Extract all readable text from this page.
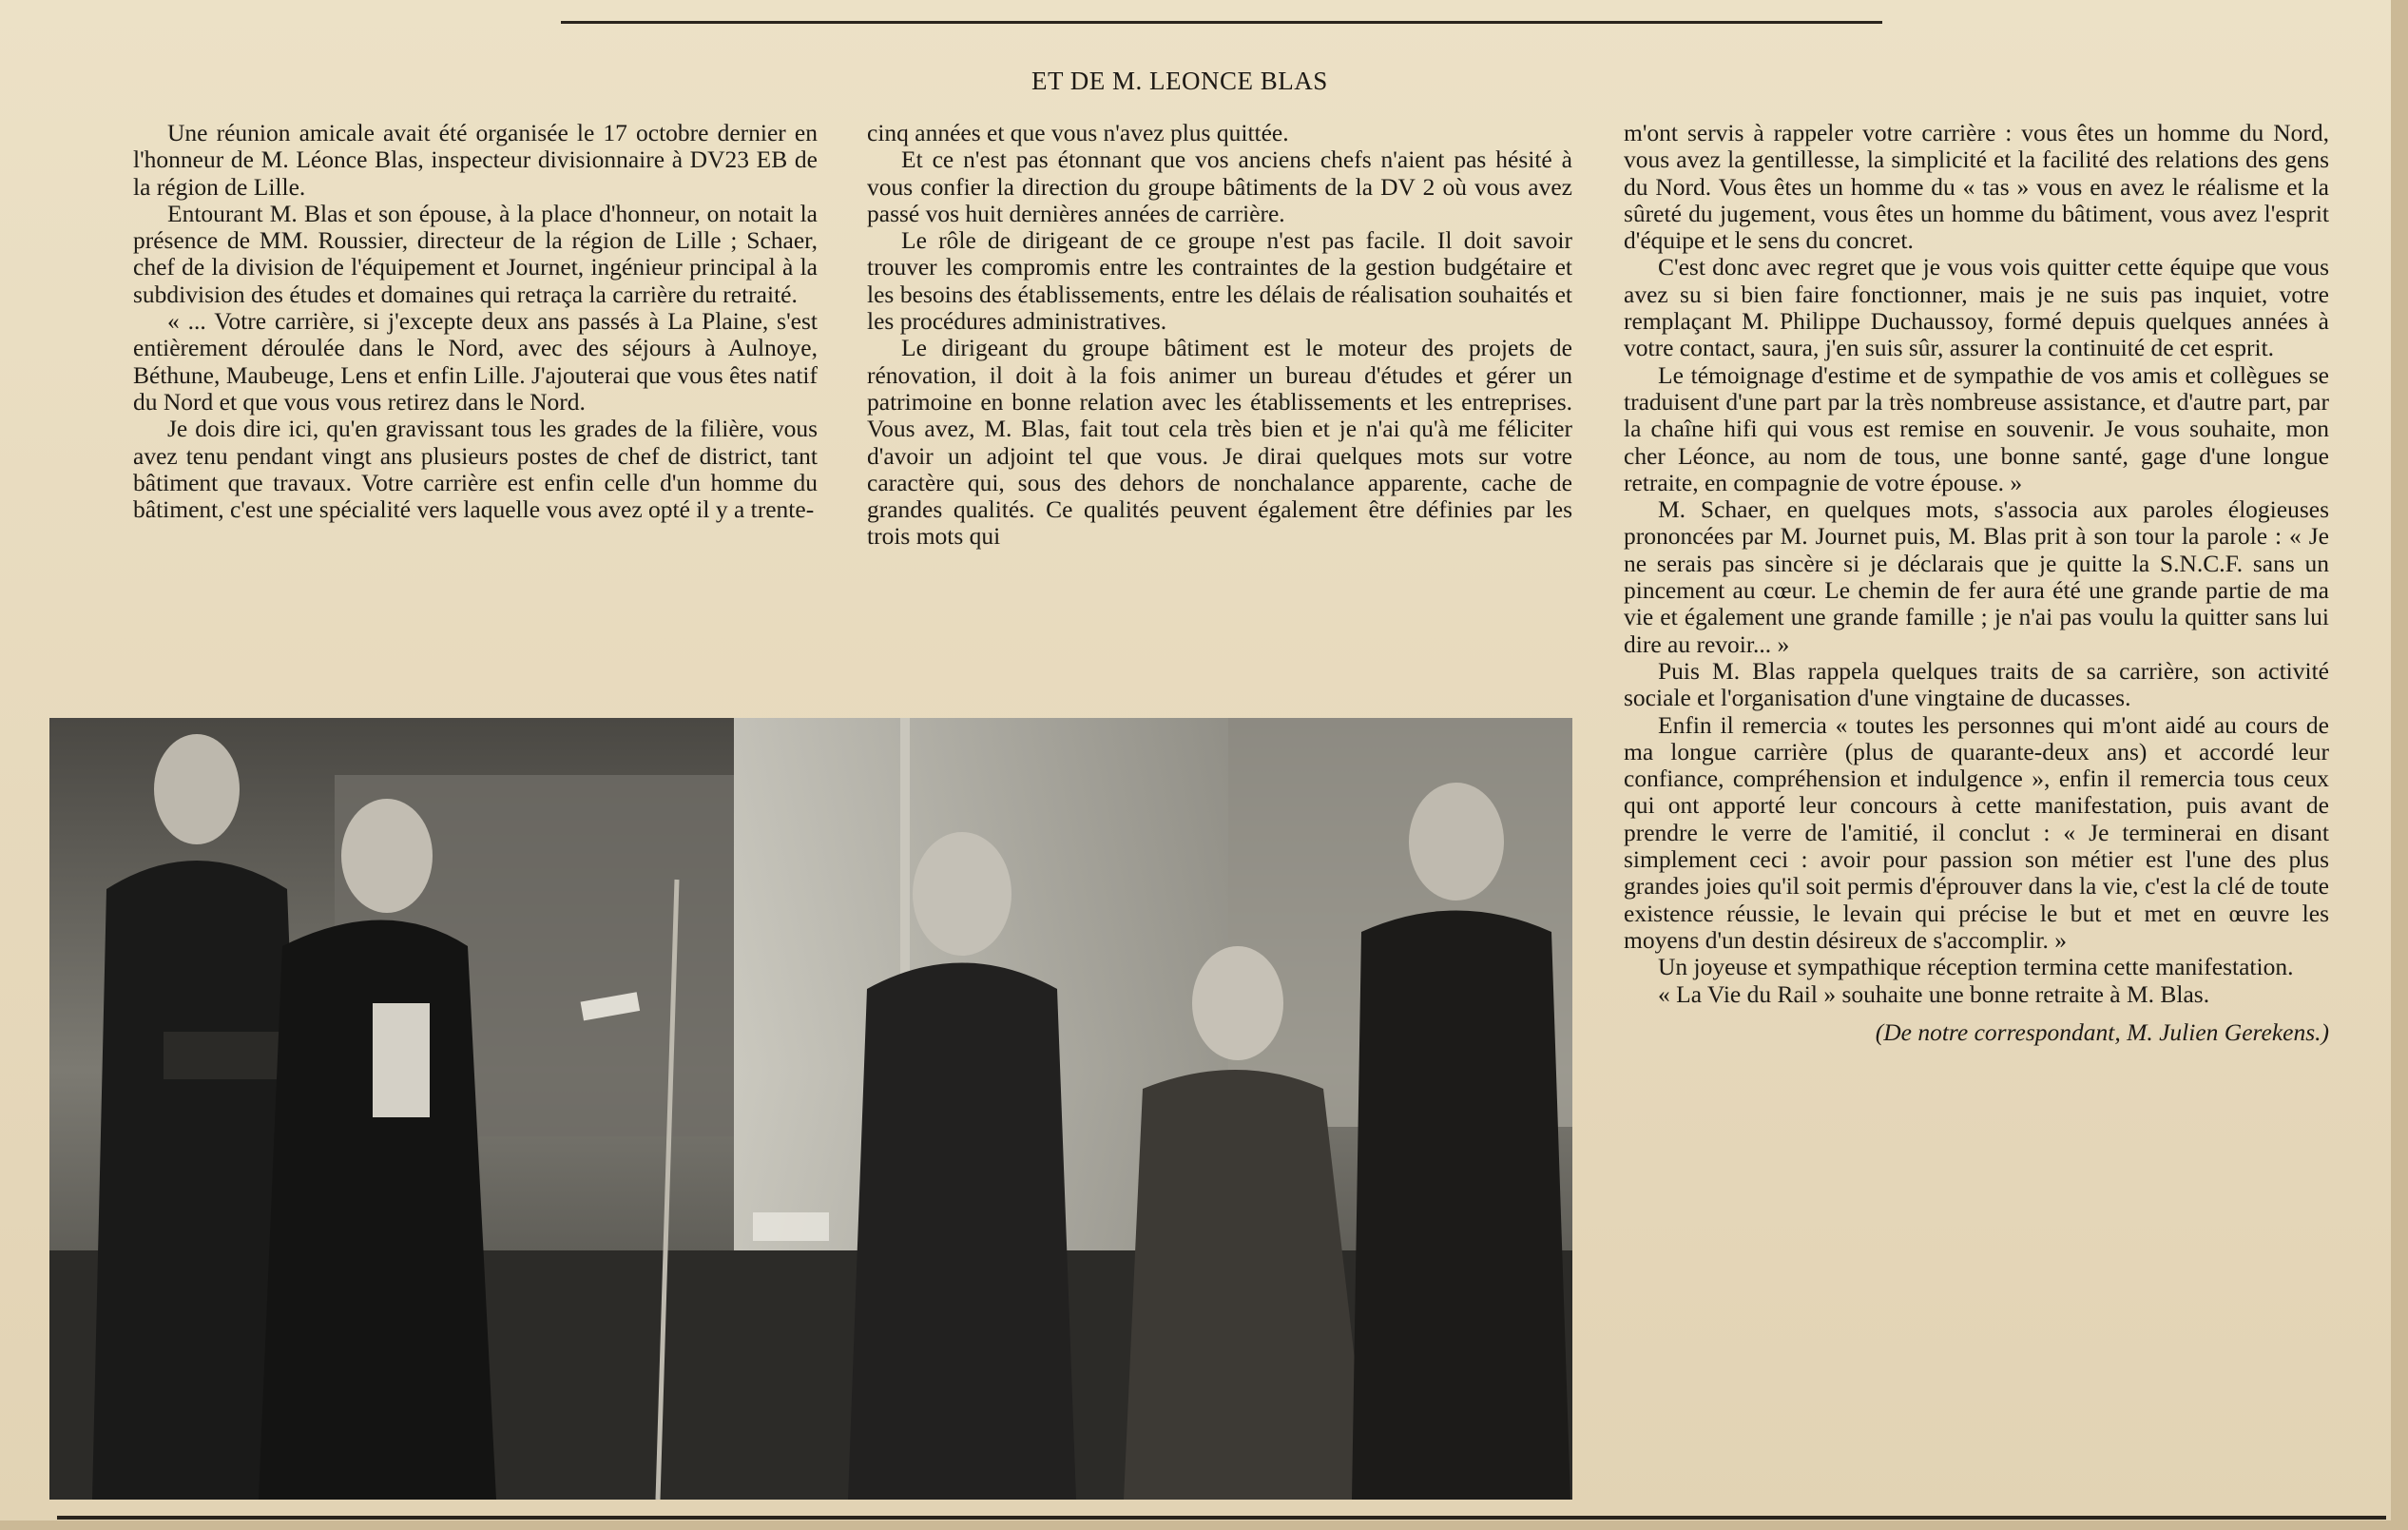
ET DE M. LEONCE BLAS

Une réunion amicale avait été organisée le 17 octobre dernier en l'honneur de M. Léonce Blas, inspecteur divisionnaire à DV23 EB de la région de Lille.

Entourant M. Blas et son épouse, à la place d'honneur, on notait la présence de MM. Roussier, directeur de la région de Lille ; Schaer, chef de la division de l'équipement et Journet, ingénieur principal à la subdivision des études et domaines qui retraça la carrière du retraité.

« ... Votre carrière, si j'excepte deux ans passés à La Plaine, s'est entièrement déroulée dans le Nord, avec des séjours à Aulnoye, Béthune, Maubeuge, Lens et enfin Lille. J'ajouterai que vous êtes natif du Nord et que vous vous retirez dans le Nord.

Je dois dire ici, qu'en gravissant tous les grades de la filière, vous avez tenu pendant vingt ans plusieurs postes de chef de district, tant bâtiment que travaux. Votre carrière est enfin celle d'un homme du bâtiment, c'est une spécialité vers laquelle vous avez opté il y a trente-

cinq années et que vous n'avez plus quittée.

Et ce n'est pas étonnant que vos anciens chefs n'aient pas hésité à vous confier la direction du groupe bâtiments de la DV 2 où vous avez passé vos huit dernières années de carrière.

Le rôle de dirigeant de ce groupe n'est pas facile. Il doit savoir trouver les compromis entre les contraintes de la gestion budgétaire et les besoins des établissements, entre les délais de réalisation souhaités et les procédures administratives.

Le dirigeant du groupe bâtiment est le moteur des projets de rénovation, il doit à la fois animer un bureau d'études et gérer un patrimoine en bonne relation avec les établissements et les entreprises. Vous avez, M. Blas, fait tout cela très bien et je n'ai qu'à me féliciter d'avoir un adjoint tel que vous. Je dirai quelques mots sur votre caractère qui, sous des dehors de nonchalance apparente, cache de grandes qualités. Ce qualités peuvent également être définies par les trois mots qui

m'ont servis à rappeler votre carrière : vous êtes un homme du Nord, vous avez la gentillesse, la simplicité et la facilité des relations des gens du Nord. Vous êtes un homme du « tas » vous en avez le réalisme et la sûreté du jugement, vous êtes un homme du bâtiment, vous avez l'esprit d'équipe et le sens du concret.

C'est donc avec regret que je vous vois quitter cette équipe que vous avez su si bien faire fonctionner, mais je ne suis pas inquiet, votre remplaçant M. Philippe Duchaussoy, formé depuis quelques années à votre contact, saura, j'en suis sûr, assurer la continuité de cet esprit.

Le témoignage d'estime et de sympathie de vos amis et collègues se traduisent d'une part par la très nombreuse assistance, et d'autre part, par la chaîne hifi qui vous est remise en souvenir. Je vous souhaite, mon cher Léonce, au nom de tous, une bonne santé, gage d'une longue retraite, en compagnie de votre épouse. »

M. Schaer, en quelques mots, s'associa aux paroles élogieuses prononcées par M. Journet puis, M. Blas prit à son tour la parole : « Je ne serais pas sincère si je déclarais que je quitte la S.N.C.F. sans un pincement au cœur. Le chemin de fer aura été une grande partie de ma vie et également une grande famille ; je n'ai pas voulu la quitter sans lui dire au revoir... »

Puis M. Blas rappela quelques traits de sa carrière, son activité sociale et l'organisation d'une vingtaine de ducasses.

Enfin il remercia « toutes les personnes qui m'ont aidé au cours de ma longue carrière (plus de quarante-deux ans) et accordé leur confiance, compréhension et indulgence », enfin il remercia tous ceux qui ont apporté leur concours à cette manifestation, puis avant de prendre le verre de l'amitié, il conclut : « Je terminerai en disant simplement ceci : avoir pour passion son métier est l'une des plus grandes joies qu'il soit permis d'éprouver dans la vie, c'est la clé de toute existence réussie, le levain qui précise le but et met en œuvre les moyens d'un destin désireux de s'accomplir. »

Un joyeuse et sympathique réception termina cette manifestation.

« La Vie du Rail » souhaite une bonne retraite à M. Blas.

(De notre correspondant, M. Julien Gerekens.)
